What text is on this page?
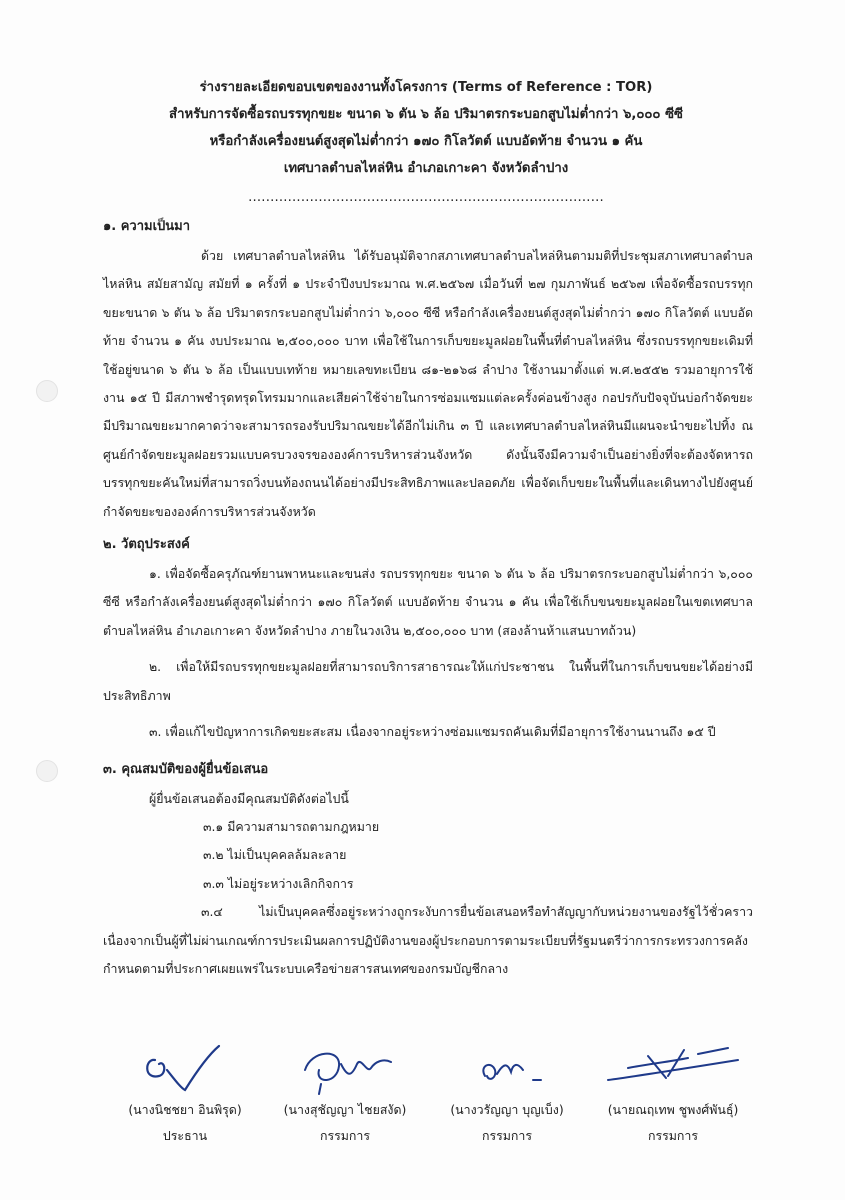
ร่างรายละเอียดขอบเขตของงานทั้งโครงการ (Terms of Reference : TOR)
สำหรับการจัดซื้อรถบรรทุกขยะ ขนาด ๖ ตัน ๖ ล้อ ปริมาตรกระบอกสูบไม่ต่ำกว่า ๖,๐๐๐ ซีซี
หรือกำลังเครื่องยนต์สูงสุดไม่ต่ำกว่า ๑๗๐ กิโลวัตต์ แบบอัดท้าย จำนวน ๑ คัน
เทศบาลตำบลไหล่หิน อำเภอเกาะคา จังหวัดลำปาง
.................................................................................

๑. ความเป็นมา

ด้วย เทศบาลตำบลไหล่หิน ได้รับอนุมัติจากสภาเทศบาลตำบลไหล่หินตามมติที่ประชุมสภาเทศบาลตำบลไหล่หิน สมัยสามัญ สมัยที่ ๑ ครั้งที่ ๑ ประจำปีงบประมาณ พ.ศ.๒๕๖๗ เมื่อวันที่ ๒๗ กุมภาพันธ์ ๒๕๖๗ เพื่อจัดซื้อรถบรรทุกขยะขนาด ๖ ตัน ๖ ล้อ ปริมาตรกระบอกสูบไม่ต่ำกว่า ๖,๐๐๐ ซีซี หรือกำลังเครื่องยนต์สูงสุดไม่ต่ำกว่า ๑๗๐ กิโลวัตต์ แบบอัดท้าย จำนวน ๑ คัน งบประมาณ ๒,๕๐๐,๐๐๐ บาท เพื่อใช้ในการเก็บขยะมูลฝอยในพื้นที่ตำบลไหล่หิน ซึ่งรถบรรทุกขยะเดิมที่ใช้อยู่ขนาด ๖ ตัน ๖ ล้อ เป็นแบบเทท้าย หมายเลขทะเบียน ๘๑-๒๑๖๘ ลำปาง ใช้งานมาตั้งแต่ พ.ศ.๒๕๕๒ รวมอายุการใช้งาน ๑๕ ปี มีสภาพชำรุดทรุดโทรมมากและเสียค่าใช้จ่ายในการซ่อมแซมแต่ละครั้งค่อนข้างสูง กอปรกับปัจจุบันบ่อกำจัดขยะมีปริมาณขยะมากคาดว่าจะสามารถรองรับปริมาณขยะได้อีกไม่เกิน ๓ ปี และเทศบาลตำบลไหล่หินมีแผนจะนำขยะไปทิ้ง ณ ศูนย์กำจัดขยะมูลฝอยรวมแบบครบวงจรขององค์การบริหารส่วนจังหวัด ดังนั้นจึงมีความจำเป็นอย่างยิ่งที่จะต้องจัดหารถบรรทุกขยะคันใหม่ที่สามารถวิ่งบนท้องถนนได้อย่างมีประสิทธิภาพและปลอดภัย เพื่อจัดเก็บขยะในพื้นที่และเดินทางไปยังศูนย์กำจัดขยะขององค์การบริหารส่วนจังหวัด

๒. วัตถุประสงค์

๑. เพื่อจัดซื้อครุภัณฑ์ยานพาหนะและขนส่ง รถบรรทุกขยะ ขนาด ๖ ตัน ๖ ล้อ ปริมาตรกระบอกสูบไม่ต่ำกว่า ๖,๐๐๐ ซีซี หรือกำลังเครื่องยนต์สูงสุดไม่ต่ำกว่า ๑๗๐ กิโลวัตต์ แบบอัดท้าย จำนวน ๑ คัน เพื่อใช้เก็บขนขยะมูลฝอยในเขตเทศบาลตำบลไหล่หิน อำเภอเกาะคา จังหวัดลำปาง ภายในวงเงิน ๒,๕๐๐,๐๐๐ บาท (สองล้านห้าแสนบาทถ้วน)

๒. เพื่อให้มีรถบรรทุกขยะมูลฝอยที่สามารถบริการสาธารณะให้แก่ประชาชน ในพื้นที่ในการเก็บขนขยะได้อย่างมีประสิทธิภาพ

๓. เพื่อแก้ไขปัญหาการเกิดขยะสะสม เนื่องจากอยู่ระหว่างซ่อมแซมรถคันเดิมที่มีอายุการใช้งานนานถึง ๑๕ ปี

๓. คุณสมบัติของผู้ยื่นข้อเสนอ

ผู้ยื่นข้อเสนอต้องมีคุณสมบัติดังต่อไปนี้

๓.๑ มีความสามารถตามกฎหมาย

๓.๒ ไม่เป็นบุคคลล้มละลาย

๓.๓ ไม่อยู่ระหว่างเลิกกิจการ

๓.๔ ไม่เป็นบุคคลซึ่งอยู่ระหว่างถูกระงับการยื่นข้อเสนอหรือทำสัญญากับหน่วยงานของรัฐไว้ชั่วคราว เนื่องจากเป็นผู้ที่ไม่ผ่านเกณฑ์การประเมินผลการปฏิบัติงานของผู้ประกอบการตามระเบียบที่รัฐมนตรีว่าการกระทรวงการคลังกำหนดตามที่ประกาศเผยแพร่ในระบบเครือข่ายสารสนเทศของกรมบัญชีกลาง

(นางนิชชยา อินพิรุด)
ประธาน
(นางสุชัญญา ไชยสงัด)
กรรมการ
(นางวรัญญา บุญเบ็ง)
กรรมการ
(นายณฤเทพ ชูพงศ์พันธุ์)
กรรมการ
